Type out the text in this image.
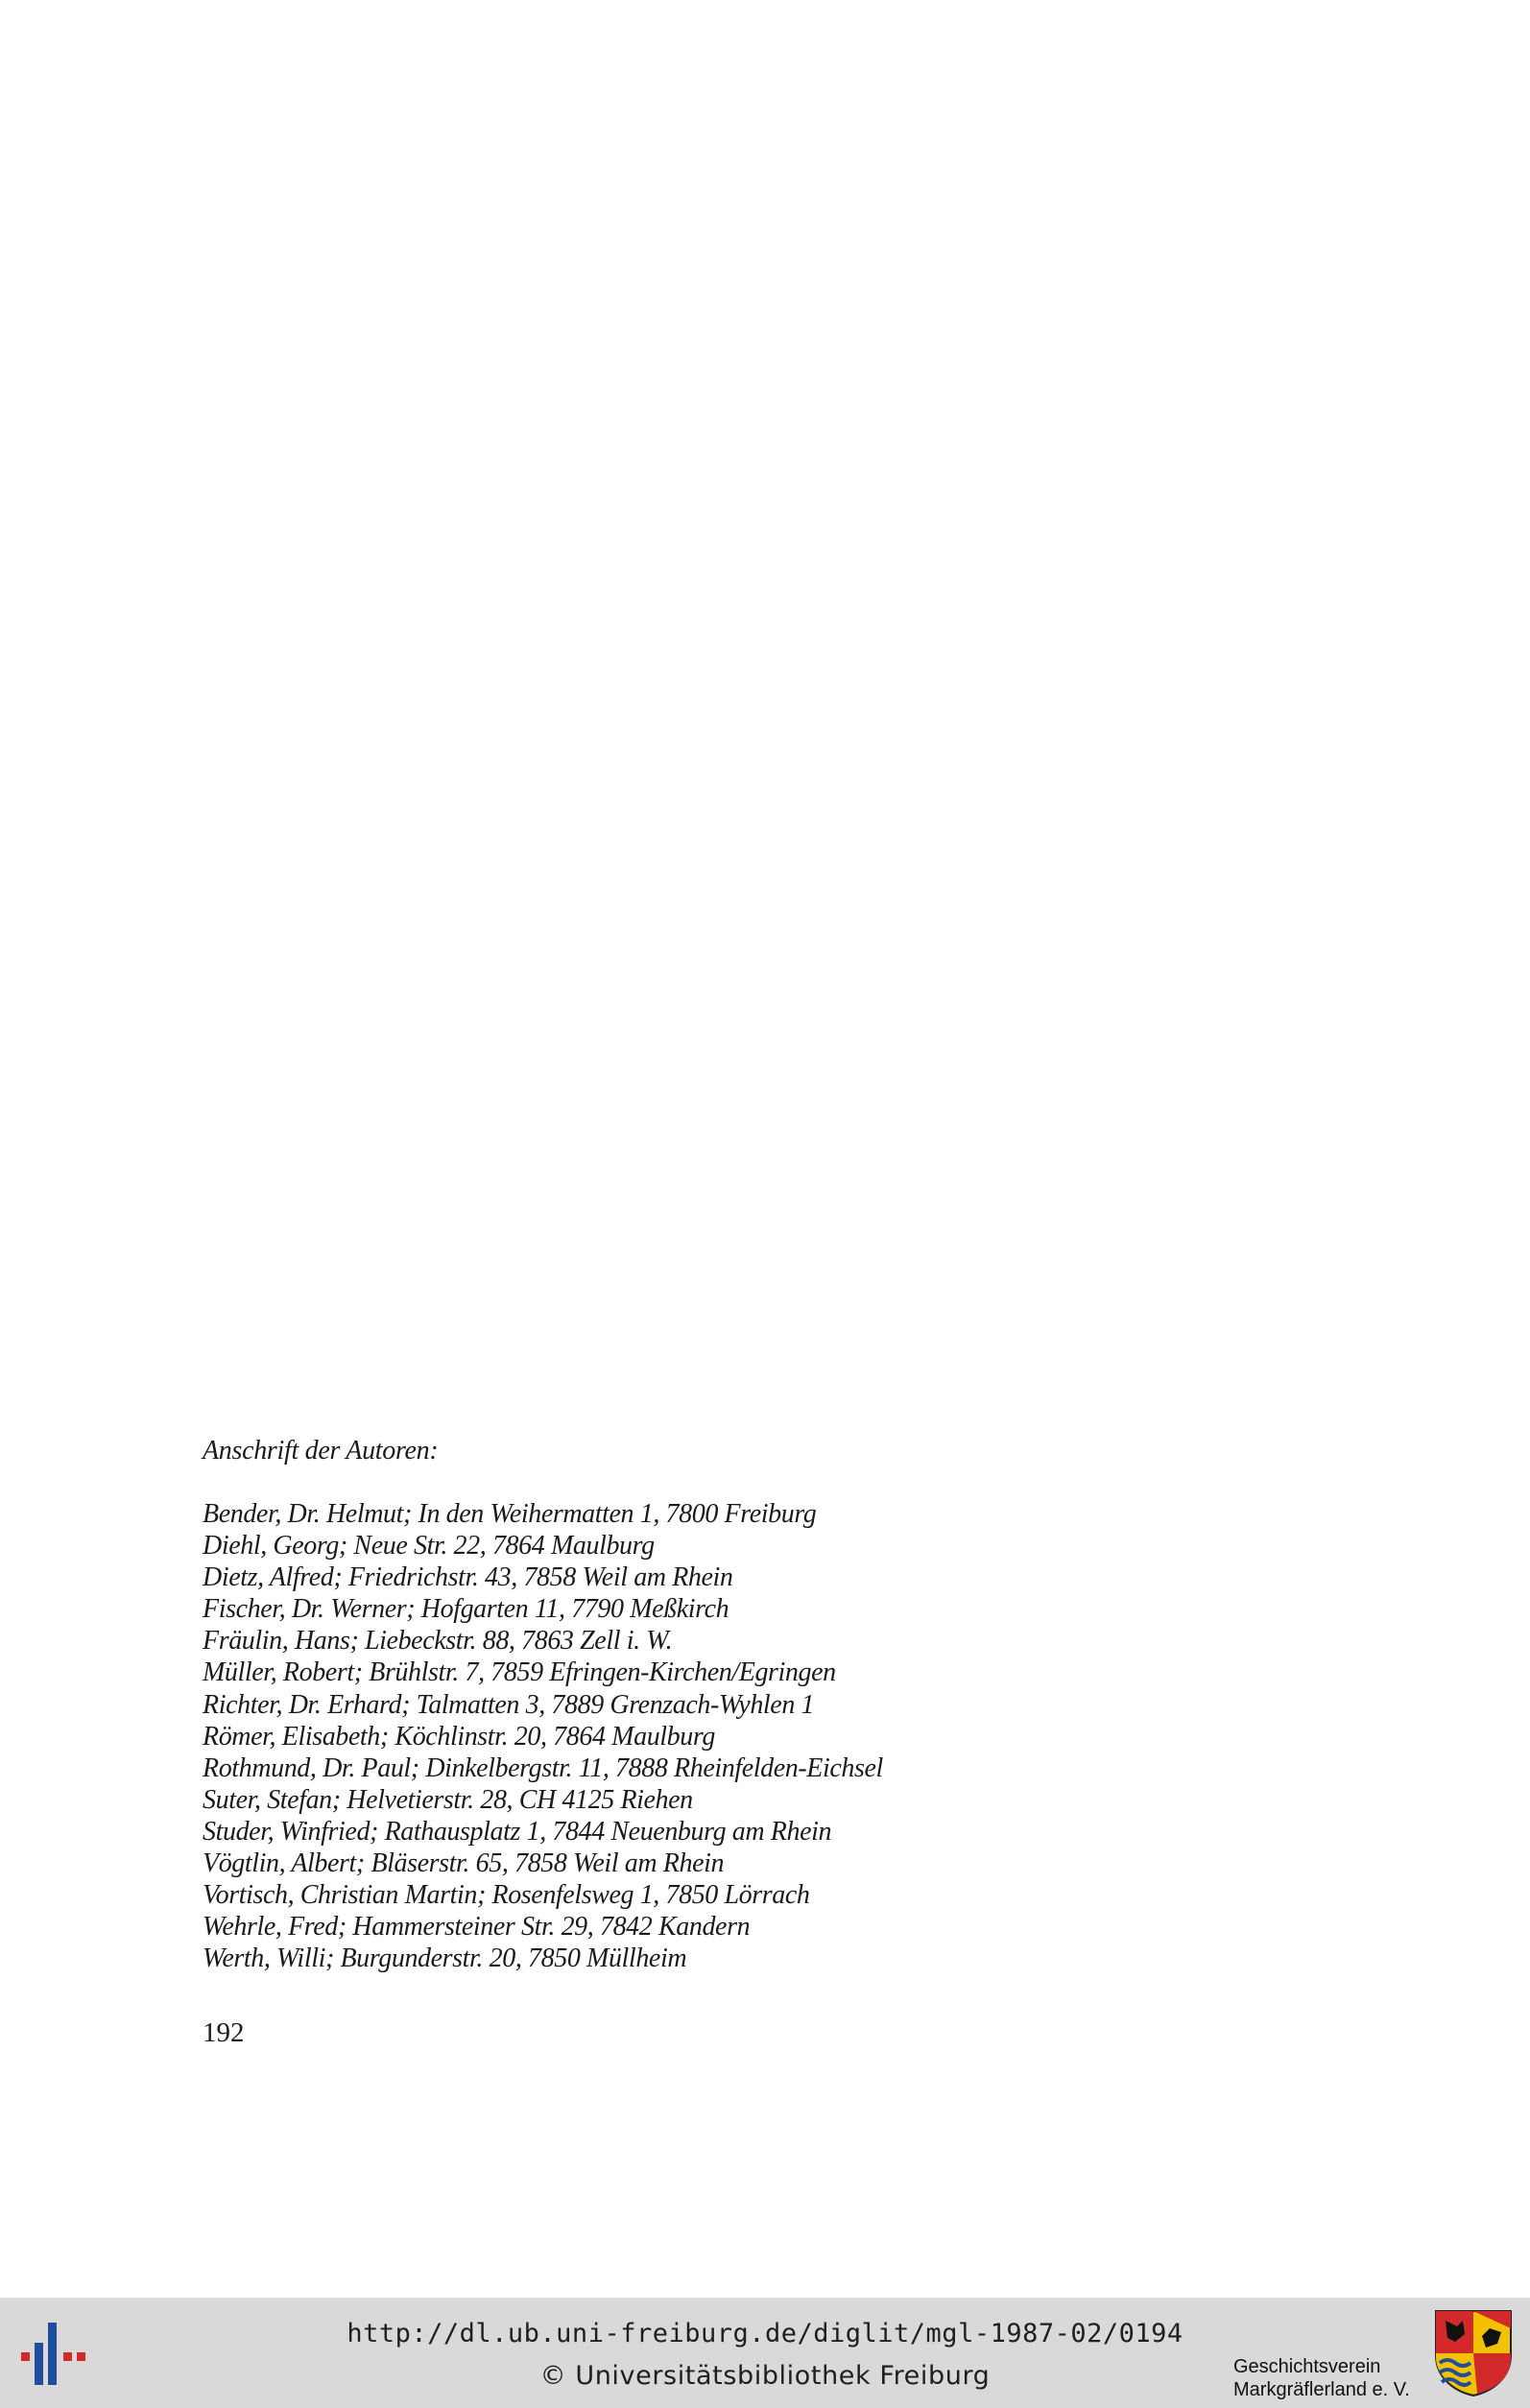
Anschrift der Autoren:
Bender, Dr. Helmut; In den Weihermatten 1, 7800 Freiburg
Diehl, Georg; Neue Str. 22, 7864 Maulburg
Dietz, Alfred; Friedrichstr. 43, 7858 Weil am Rhein
Fischer, Dr. Werner; Hofgarten 11, 7790 Meßkirch
Fräulin, Hans; Liebeckstr. 88, 7863 Zell i. W.
Müller, Robert; Brühlstr. 7, 7859 Efringen-Kirchen/Egringen
Richter, Dr. Erhard; Talmatten 3, 7889 Grenzach-Wyhlen 1
Römer, Elisabeth; Köchlinstr. 20, 7864 Maulburg
Rothmund, Dr. Paul; Dinkelbergstr. 11, 7888 Rheinfelden-Eichsel
Suter, Stefan; Helvetierstr. 28, CH 4125 Riehen
Studer, Winfried; Rathausplatz 1, 7844 Neuenburg am Rhein
Vögtlin, Albert; Bläserstr. 65, 7858 Weil am Rhein
Vortisch, Christian Martin; Rosenfelsweg 1, 7850 Lörrach
Wehrle, Fred; Hammersteiner Str. 29, 7842 Kandern
Werth, Willi; Burgunderstr. 20, 7850 Müllheim
192
http://dl.ub.uni-freiburg.de/diglit/mgl-1987-02/0194
© Universitätsbibliothek Freiburg	Geschichtsverein
Markgräflerland e. V.
